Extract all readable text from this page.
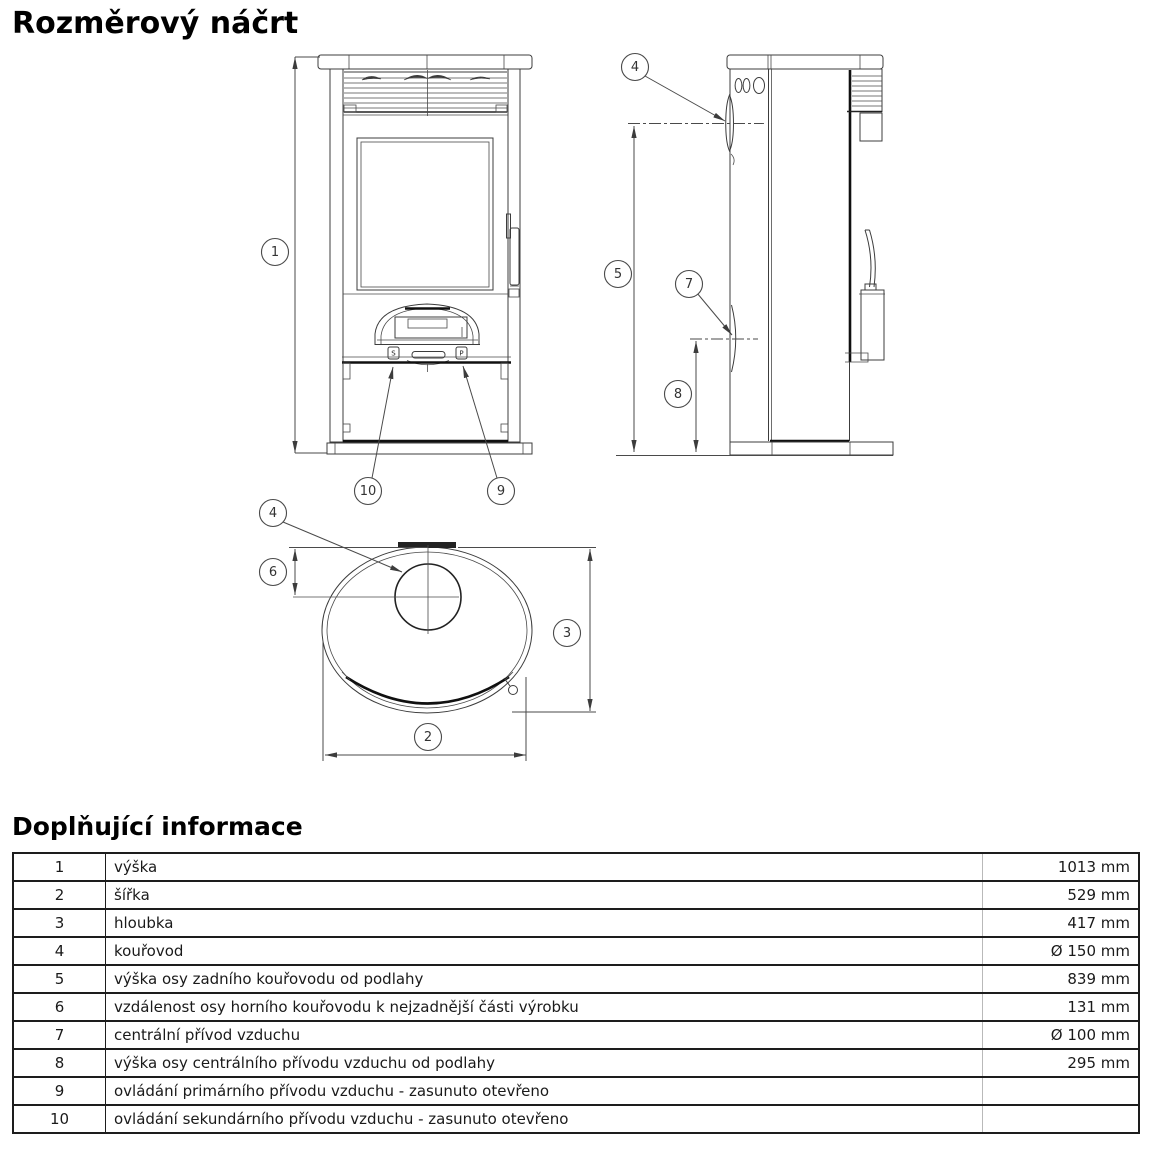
Rozměrový náčrt
P
S
1
10	9
5
8
4
7
4
6
3
2
Doplňující informace
1	výška	1013 mm
2	šířka	529 mm
3	hloubka	417 mm
4	kouřovod	Ø 150 mm
5	výška osy zadního kouřovodu od podlahy	839 mm
6	vzdálenost osy horního kouřovodu k nejzadnější části výrobku	131 mm
7	centrální přívod vzduchu	Ø 100 mm
8	výška osy centrálního přívodu vzduchu od podlahy	295 mm
9	ovládání primárního přívodu vzduchu - zasunuto otevřeno	
10	ovládání sekundárního přívodu vzduchu - zasunuto otevřeno	
